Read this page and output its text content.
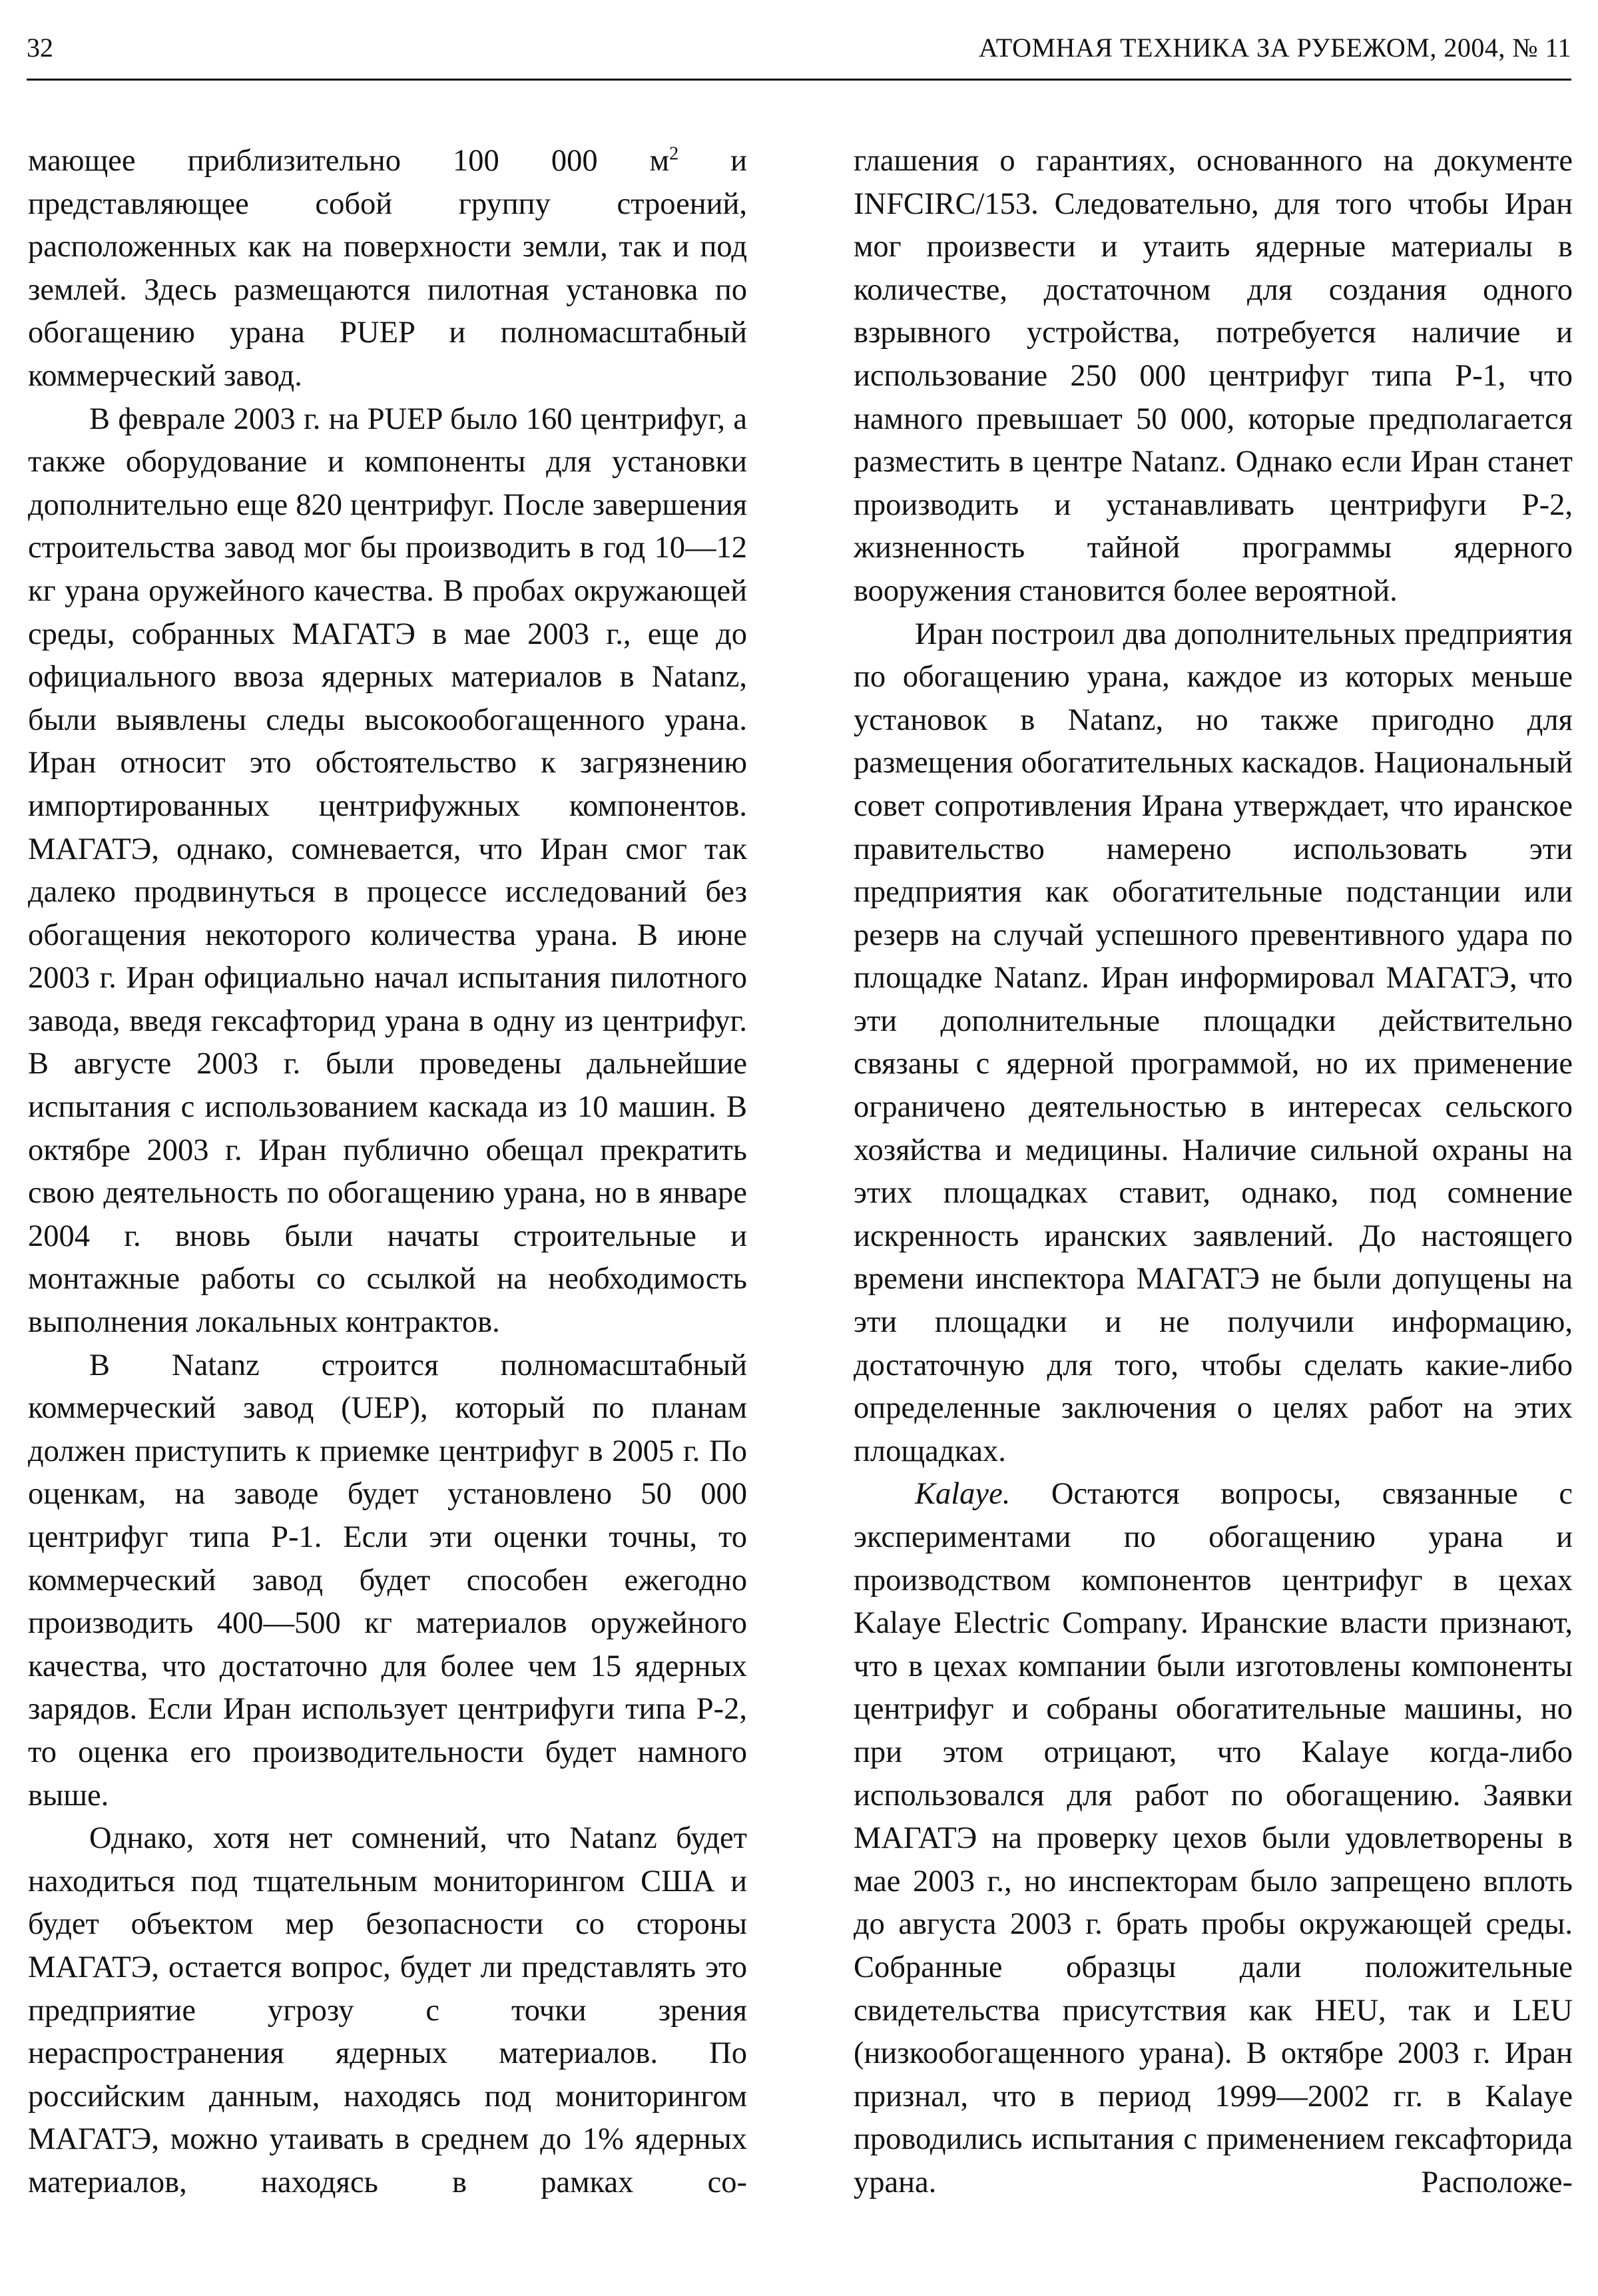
32	АТОМНАЯ ТЕХНИКА ЗА РУБЕЖОМ, 2004, № 11

мающее приблизительно 100 000 $м^2$ и представляющее собой группу строений, расположенных как на поверхности земли, так и под землей. Здесь размещаются пилотная установка по обогащению урана PUEP и полномасштабный коммерческий завод.

В феврале 2003 г. на PUEP было 160 центрифуг, а также оборудование и компоненты для установки дополнительно еще 820 центрифуг. После завершения строительства завод мог бы производить в год 10—12 кг урана оружейного качества. В пробах окружающей среды, собранных МАГАТЭ в мае 2003 г., еще до официального ввоза ядерных материалов в Natanz, были выявлены следы высокообогащенного урана. Иран относит это обстоятельство к загрязнению импортированных центрифужных компонентов. МАГАТЭ, однако, сомневается, что Иран смог так далеко продвинуться в процессе исследований без обогащения некоторого количества урана. В июне 2003 г. Иран официально начал испытания пилотного завода, введя гексафторид урана в одну из центрифуг. В августе 2003 г. были проведены дальнейшие испытания с использованием каскада из 10 машин. В октябре 2003 г. Иран публично обещал прекратить свою деятельность по обогащению урана, но в январе 2004 г. вновь были начаты строительные и монтажные работы со ссылкой на необходимость выполнения локальных контрактов.

В Natanz строится полномасштабный коммерческий завод (UEP), который по планам должен приступить к приемке центрифуг в 2005 г. По оценкам, на заводе будет установлено 50 000 центрифуг типа P-1. Если эти оценки точны, то коммерческий завод будет способен ежегодно производить 400—500 кг материалов оружейного качества, что достаточно для более чем 15 ядерных зарядов. Если Иран использует центрифуги типа P-2, то оценка его производительности будет намного выше.

Однако, хотя нет сомнений, что Natanz будет находиться под тщательным мониторингом США и будет объектом мер безопасности со стороны МАГАТЭ, остается вопрос, будет ли представлять это предприятие угрозу с точки зрения нераспространения ядерных материалов. По российским данным, находясь под мониторингом МАГАТЭ, можно утаивать в среднем до 1% ядерных материалов, находясь в рамках со-

глашения о гарантиях, основанного на документе INFCIRC/153. Следовательно, для того чтобы Иран мог произвести и утаить ядерные материалы в количестве, достаточном для создания одного взрывного устройства, потребуется наличие и использование 250 000 центрифуг типа P-1, что намного превышает 50 000, которые предполагается разместить в центре Natanz. Однако если Иран станет производить и устанавливать центрифуги P-2, жизненность тайной программы ядерного вооружения становится более вероятной.

Иран построил два дополнительных предприятия по обогащению урана, каждое из которых меньше установок в Natanz, но также пригодно для размещения обогатительных каскадов. Национальный совет сопротивления Ирана утверждает, что иранское правительство намерено использовать эти предприятия как обогатительные подстанции или резерв на случай успешного превентивного удара по площадке Natanz. Иран информировал МАГАТЭ, что эти дополнительные площадки действительно связаны с ядерной программой, но их применение ограничено деятельностью в интересах сельского хозяйства и медицины. Наличие сильной охраны на этих площадках ставит, однако, под сомнение искренность иранских заявлений. До настоящего времени инспектора МАГАТЭ не были допущены на эти площадки и не получили информацию, достаточную для того, чтобы сделать какие-либо определенные заключения о целях работ на этих площадках.

Kalaye. Остаются вопросы, связанные с экспериментами по обогащению урана и производством компонентов центрифуг в цехах Kalaye Electric Company. Иранские власти признают, что в цехах компании были изготовлены компоненты центрифуг и собраны обогатительные машины, но при этом отрицают, что Kalaye когда-либо использовался для работ по обогащению. Заявки МАГАТЭ на проверку цехов были удовлетворены в мае 2003 г., но инспекторам было запрещено вплоть до августа 2003 г. брать пробы окружающей среды. Собранные образцы дали положительные свидетельства присутствия как HEU, так и LEU (низкообогащенного урана). В октябре 2003 г. Иран признал, что в период 1999—2002 гг. в Kalaye проводились испытания с применением гексафторида урана. Расположе-
